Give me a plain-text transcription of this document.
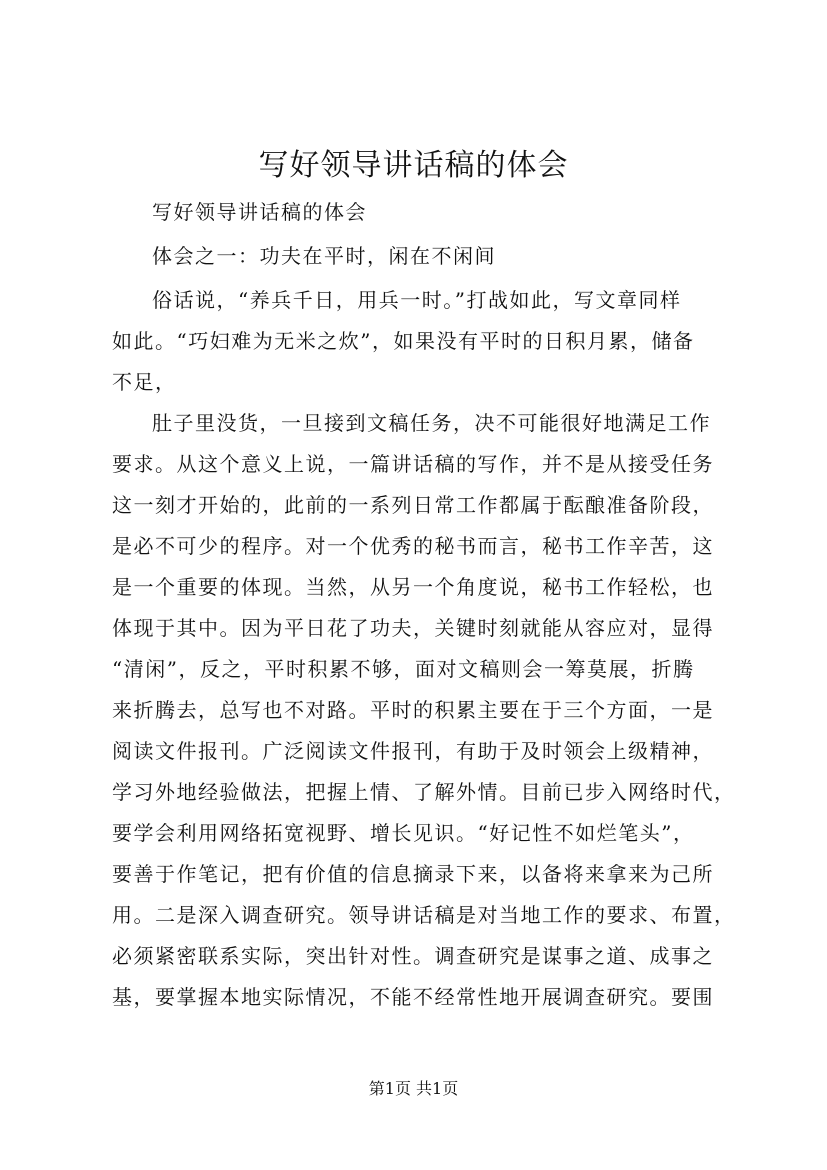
写好领导讲话稿的体会
写好领导讲话稿的体会
体会之一：功夫在平时，闲在不闲间
俗话说，“养兵千日，用兵一时。”打战如此，写文章同样
如此。“巧妇难为无米之炊”，如果没有平时的日积月累，储备
不足，
肚子里没货，一旦接到文稿任务，决不可能很好地满足工作
要求。从这个意义上说，一篇讲话稿的写作，并不是从接受任务
这一刻才开始的，此前的一系列日常工作都属于酝酿准备阶段，
是必不可少的程序。对一个优秀的秘书而言，秘书工作辛苦，这
是一个重要的体现。当然，从另一个角度说，秘书工作轻松，也
体现于其中。因为平日花了功夫，关键时刻就能从容应对，显得
“清闲”，反之，平时积累不够，面对文稿则会一筹莫展，折腾
来折腾去，总写也不对路。平时的积累主要在于三个方面，一是
阅读文件报刊。广泛阅读文件报刊，有助于及时领会上级精神，
学习外地经验做法，把握上情、了解外情。目前已步入网络时代，
要学会利用网络拓宽视野、增长见识。“好记性不如烂笔头”，
要善于作笔记，把有价值的信息摘录下来，以备将来拿来为己所
用。二是深入调查研究。领导讲话稿是对当地工作的要求、布置，
必须紧密联系实际，突出针对性。调查研究是谋事之道、成事之
基，要掌握本地实际情况，不能不经常性地开展调查研究。要围
第1页 共1页
